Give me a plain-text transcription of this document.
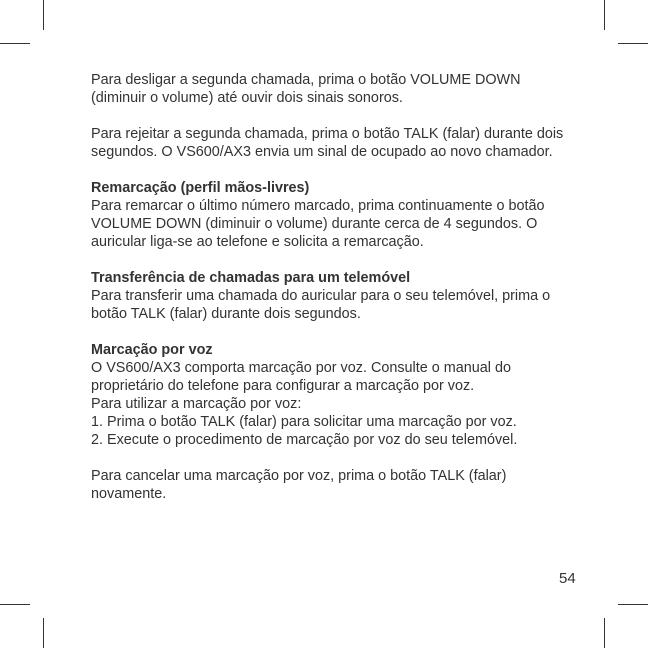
Para desligar a segunda chamada, prima o botão VOLUME DOWN (diminuir o volume) até ouvir dois sinais sonoros.

Para rejeitar a segunda chamada, prima o botão TALK (falar) durante dois segundos. O VS600/AX3 envia um sinal de ocupado ao novo chamador.

Remarcação (perfil mãos-livres)

Para remarcar o último número marcado, prima continuamente o botão VOLUME DOWN (diminuir o volume) durante cerca de 4 segundos. O auricular liga-se ao telefone e solicita a remarcação.

Transferência de chamadas para um telemóvel

Para transferir uma chamada do auricular para o seu telemóvel, prima o botão TALK (falar) durante dois segundos.

Marcação por voz

O VS600/AX3 comporta marcação por voz. Consulte o manual do proprietário do telefone para configurar a marcação por voz.

Para utilizar a marcação por voz:

1. Prima o botão TALK (falar) para solicitar uma marcação por voz.

2. Execute o procedimento de marcação por voz do seu telemóvel.

Para cancelar uma marcação por voz, prima o botão TALK (falar) novamente.

54
